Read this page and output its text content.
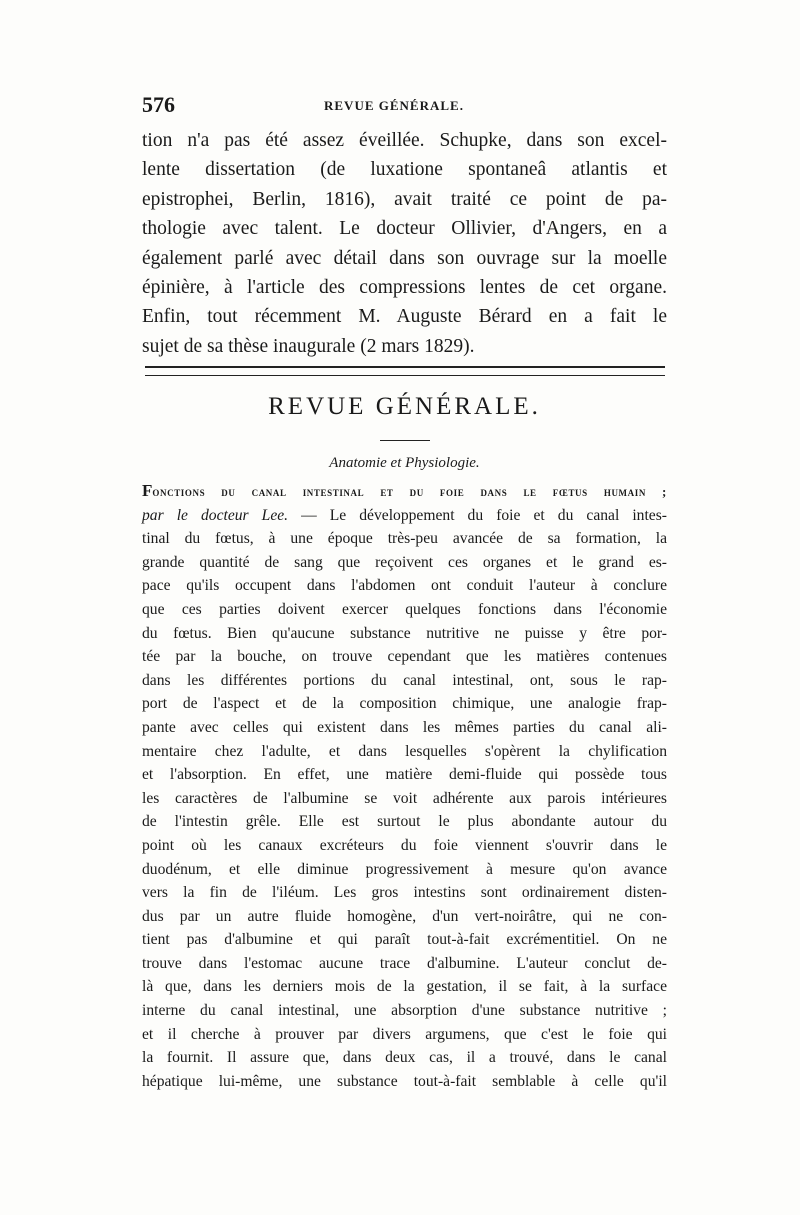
576	REVUE GÉNÉRALE.

tion n'a pas été assez éveillée. Schupke, dans son excel-

lente dissertation (de luxatione spontaneâ atlantis et

epistrophei, Berlin, 1816), avait traité ce point de pa-

thologie avec talent. Le docteur Ollivier, d'Angers, en a

également parlé avec détail dans son ouvrage sur la moelle

épinière, à l'article des compressions lentes de cet organe.

Enfin, tout récemment M. Auguste Bérard en a fait le

sujet de sa thèse inaugurale (2 mars 1829).

REVUE GÉNÉRALE.
Anatomie et Physiologie.
Fonctions du canal intestinal et du foie dans le fœtus humain ;
par le docteur Lee. — Le développement du foie et du canal intes-
tinal du fœtus, à une époque très-peu avancée de sa formation, la
grande quantité de sang que reçoivent ces organes et le grand es-
pace qu'ils occupent dans l'abdomen ont conduit l'auteur à conclure
que ces parties doivent exercer quelques fonctions dans l'économie
du fœtus. Bien qu'aucune substance nutritive ne puisse y être por-
tée par la bouche, on trouve cependant que les matières contenues
dans les différentes portions du canal intestinal, ont, sous le rap-
port de l'aspect et de la composition chimique, une analogie frap-
pante avec celles qui existent dans les mêmes parties du canal ali-
mentaire chez l'adulte, et dans lesquelles s'opèrent la chylification
et l'absorption. En effet, une matière demi-fluide qui possède tous
les caractères de l'albumine se voit adhérente aux parois intérieures
de l'intestin grêle. Elle est surtout le plus abondante autour du
point où les canaux excréteurs du foie viennent s'ouvrir dans le
duodénum, et elle diminue progressivement à mesure qu'on avance
vers la fin de l'iléum. Les gros intestins sont ordinairement disten-
dus par un autre fluide homogène, d'un vert-noirâtre, qui ne con-
tient pas d'albumine et qui paraît tout-à-fait excrémentitiel. On ne
trouve dans l'estomac aucune trace d'albumine. L'auteur conclut de-
là que, dans les derniers mois de la gestation, il se fait, à la surface
interne du canal intestinal, une absorption d'une substance nutritive ;
et il cherche à prouver par divers argumens, que c'est le foie qui
la fournit. Il assure que, dans deux cas, il a trouvé, dans le canal
hépatique lui-même, une substance tout-à-fait semblable à celle qu'il
